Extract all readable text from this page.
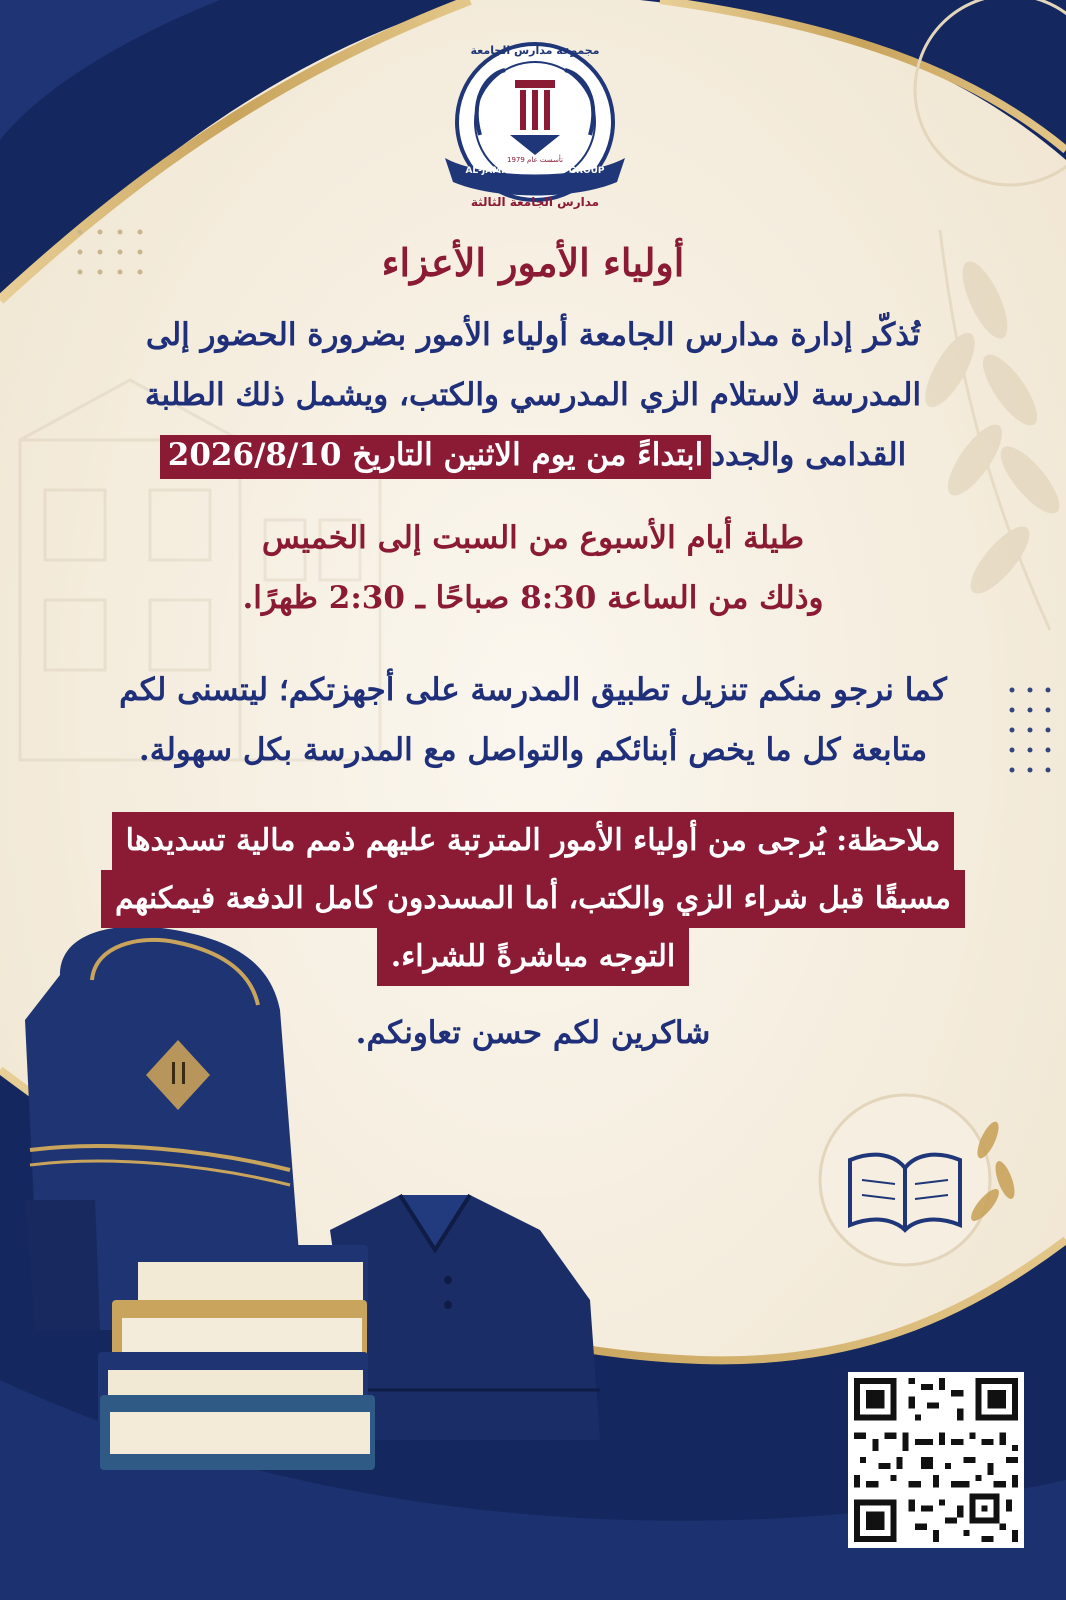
مجموعة مدارس الجامعة
AL-JAMI'A SCHOOLS GROUP
تأسست عام 1979
مدارس الجامعة الثالثة
أولياء الأمور الأعزاء
تُذكّر إدارة مدارس الجامعة أولياء الأمور بضرورة الحضور إلى
المدرسة لاستلام الزي المدرسي والكتب، ويشمل ذلك الطلبة
القدامى والجددابتداءً من يوم الاثنين التاريخ 2026/8/10
طيلة أيام الأسبوع من السبت إلى الخميس
وذلك من الساعة 8:30 صباحًا ـ 2:30 ظهرًا.
كما نرجو منكم تنزيل تطبيق المدرسة على أجهزتكم؛ ليتسنى لكم
متابعة كل ما يخص أبنائكم والتواصل مع المدرسة بكل سهولة.
ملاحظة: يُرجى من أولياء الأمور المترتبة عليهم ذمم مالية تسديدها
مسبقًا قبل شراء الزي والكتب، أما المسددون كامل الدفعة فيمكنهم
التوجه مباشرةً للشراء.
شاكرين لكم حسن تعاونكم.
